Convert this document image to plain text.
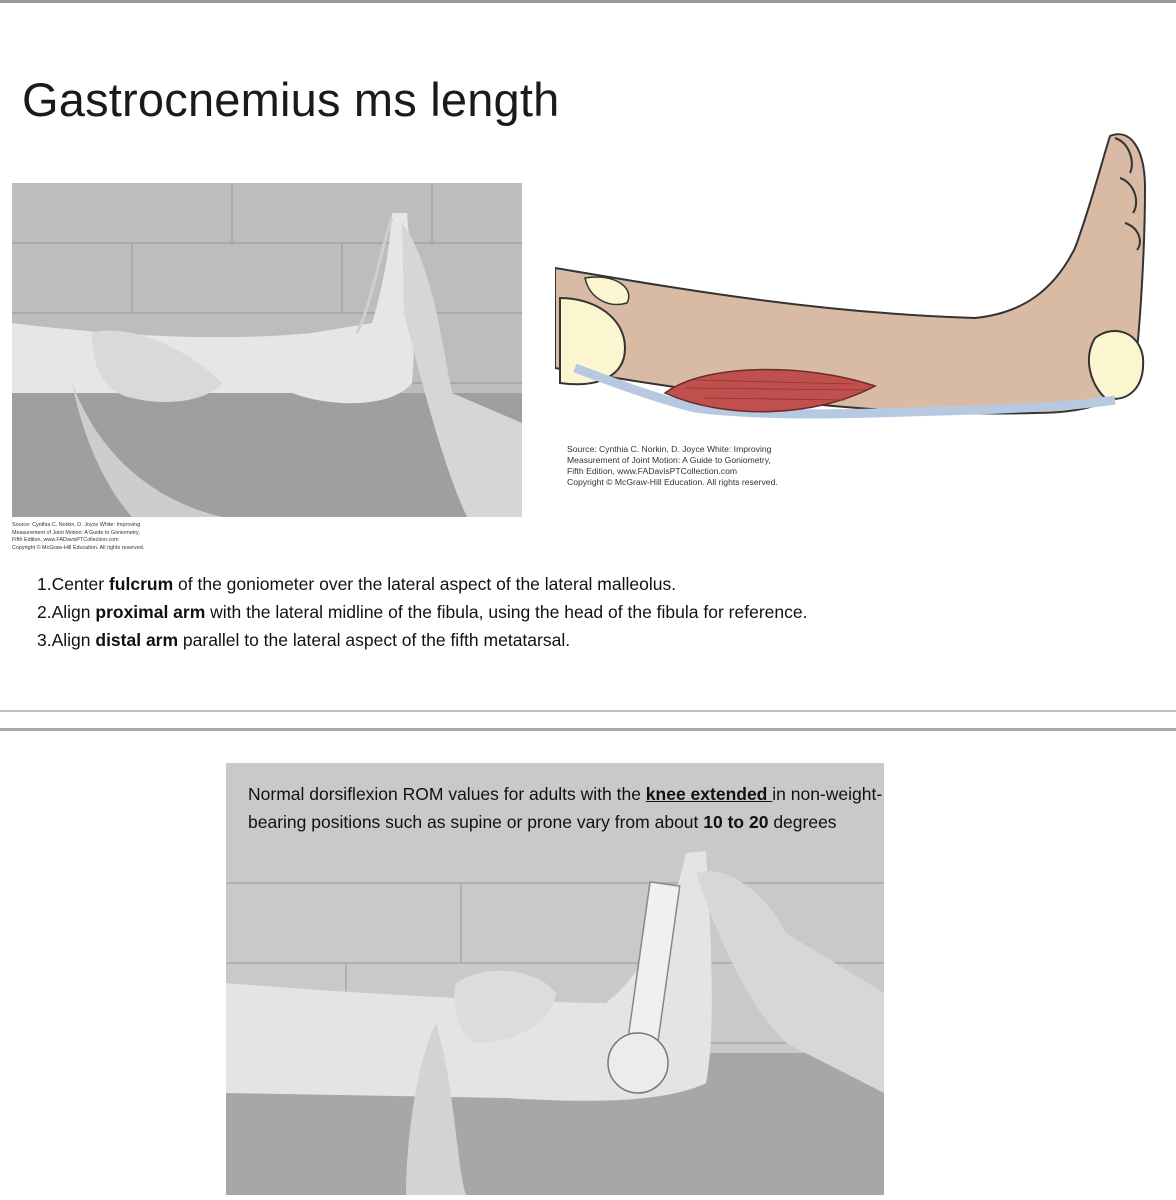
Gastrocnemius ms length
Source: Cynthia C. Norkin, D. Joyce White: Improving
Measurement of Joint Motion: A Guide to Goniometry,
Fifth Edition, www.FADavisPTCollection.com
Copyright © McGraw-Hill Education. All rights reserved.
Source: Cynthia C. Norkin, D. Joyce White: Improving
Measurement of Joint Motion: A Guide to Goniometry,
Fifth Edition, www.FADavisPTCollection.com
Copyright © McGraw-Hill Education. All rights reserved.

1.Center fulcrum of the goniometer over the lateral aspect of the lateral malleolus.

2.Align proximal arm with the lateral midline of the fibula, using the head of the fibula for reference.

3.Align distal arm parallel to the lateral aspect of the fifth metatarsal.

Normal dorsiflexion ROM values for adults with the knee extended in non-weight-bearing positions such as supine or prone vary from about 10 to 20 degrees
